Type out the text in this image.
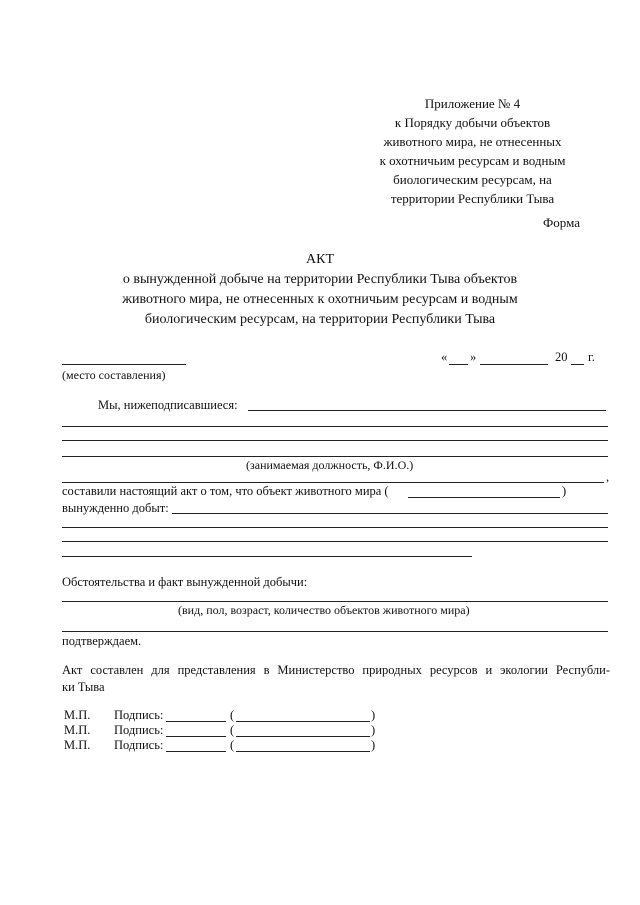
Приложение № 4
к Порядку добычи объектов
животного мира, не отнесенных
к охотничьим ресурсам и водным
биологическим ресурсам, на
территории Республики Тыва
Форма
АКТ
о вынужденной добыче на территории Республики Тыва объектов
животного мира, не отнесенных к охотничьим ресурсам и водным
биологическим ресурсам, на территории Республики Тыва
(место составления)
« »	20 г.
Мы, нижеподписавшиеся:
(занимаемая должность, Ф.И.О.)
,
составили настоящий акт о том, что объект животного мира (	)
вынужденно добыт:
Обстоятельства и факт вынужденной добычи:
(вид, пол, возраст, количество объектов животного мира)
подтверждаем.
Акт составлен для представления в Министерство природных ресурсов и экологии Республи-
ки Тыва
М.П. Подпись:	(	)
М.П. Подпись:	(	)
М.П. Подпись:	(	)
